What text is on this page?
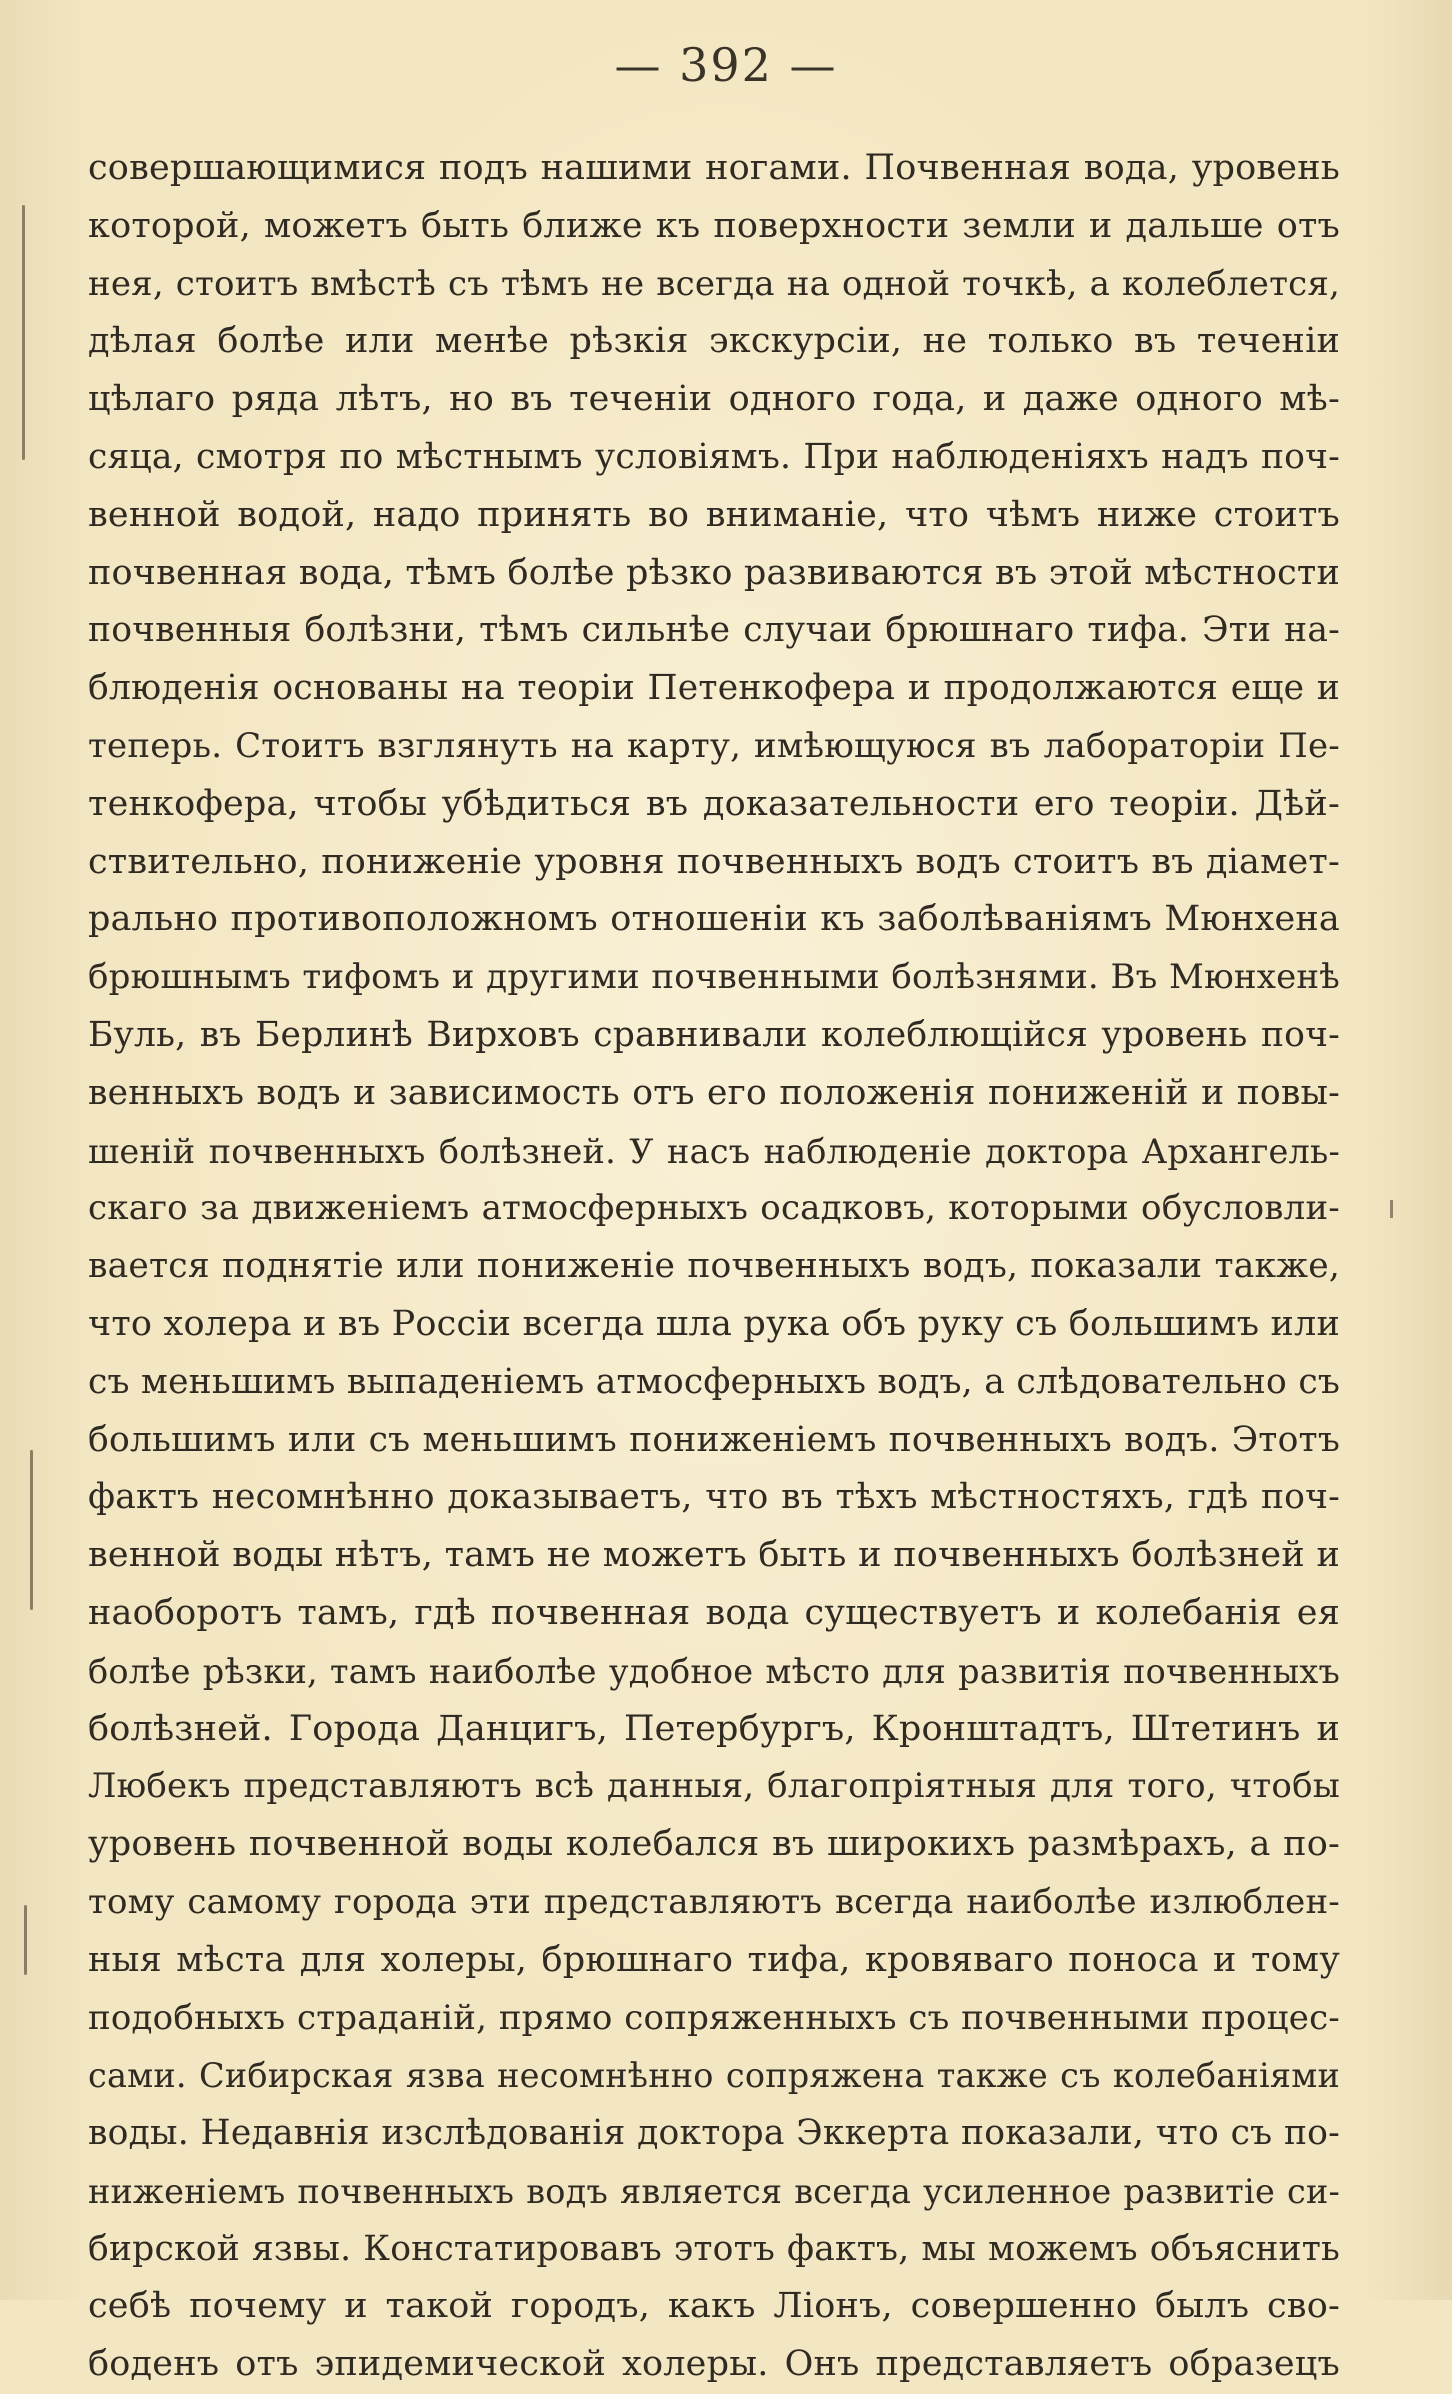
— 392 —
совершающимися подъ нашими ногами. Почвенная вода, уровень
которой, можетъ быть ближе къ поверхности земли и дальше отъ
нея, стоитъ вмѣстѣ съ тѣмъ не всегда на одной точкѣ, а колеблется,
дѣлая болѣе или менѣе рѣзкія экскурсіи, не только въ теченіи
цѣлаго ряда лѣтъ, но въ теченіи одного года, и даже одного мѣ-
сяца, смотря по мѣстнымъ условіямъ. При наблюденіяхъ надъ поч-
венной водой, надо принять во вниманіе, что чѣмъ ниже стоитъ
почвенная вода, тѣмъ болѣе рѣзко развиваются въ этой мѣстности
почвенныя болѣзни, тѣмъ сильнѣе случаи брюшнаго тифа. Эти на-
блюденія основаны на теоріи Петенкофера и продолжаются еще и
теперь. Стоитъ взглянуть на карту, имѣющуюся въ лабораторіи Пе-
тенкофера, чтобы убѣдиться въ доказательности его теоріи. Дѣй-
ствительно, пониженіе уровня почвенныхъ водъ стоитъ въ діамет-
рально противоположномъ отношеніи къ заболѣваніямъ Мюнхена
брюшнымъ тифомъ и другими почвенными болѣзнями. Въ Мюнхенѣ
Буль, въ Берлинѣ Вирховъ сравнивали колеблющійся уровень поч-
венныхъ водъ и зависимость отъ его положенія пониженій и повы-
шеній почвенныхъ болѣзней. У насъ наблюденіе доктора Архангель-
скаго за движеніемъ атмосферныхъ осадковъ, которыми обусловли-
вается поднятіе или пониженіе почвенныхъ водъ, показали также,
что холера и въ Россіи всегда шла рука объ руку съ большимъ или
съ меньшимъ выпаденіемъ атмосферныхъ водъ, а слѣдовательно съ
большимъ или съ меньшимъ пониженіемъ почвенныхъ водъ. Этотъ
фактъ несомнѣнно доказываетъ, что въ тѣхъ мѣстностяхъ, гдѣ поч-
венной воды нѣтъ, тамъ не можетъ быть и почвенныхъ болѣзней и
наоборотъ тамъ, гдѣ почвенная вода существуетъ и колебанія ея
болѣе рѣзки, тамъ наиболѣе удобное мѣсто для развитія почвенныхъ
болѣзней. Города Данцигъ, Петербургъ, Кронштадтъ, Штетинъ и
Любекъ представляютъ всѣ данныя, благопріятныя для того, чтобы
уровень почвенной воды колебался въ широкихъ размѣрахъ, а по-
тому самому города эти представляютъ всегда наиболѣе излюблен-
ныя мѣста для холеры, брюшнаго тифа, кровяваго поноса и тому
подобныхъ страданій, прямо сопряженныхъ съ почвенными процес-
сами. Сибирская язва несомнѣнно сопряжена также съ колебаніями
воды. Недавнія изслѣдованія доктора Эккерта показали, что съ по-
ниженіемъ почвенныхъ водъ является всегда усиленное развитіе си-
бирской язвы. Констатировавъ этотъ фактъ, мы можемъ объяснить
себѣ почему и такой городъ, какъ Ліонъ, совершенно былъ сво-
боденъ отъ эпидемической холеры. Онъ представляетъ образецъ
